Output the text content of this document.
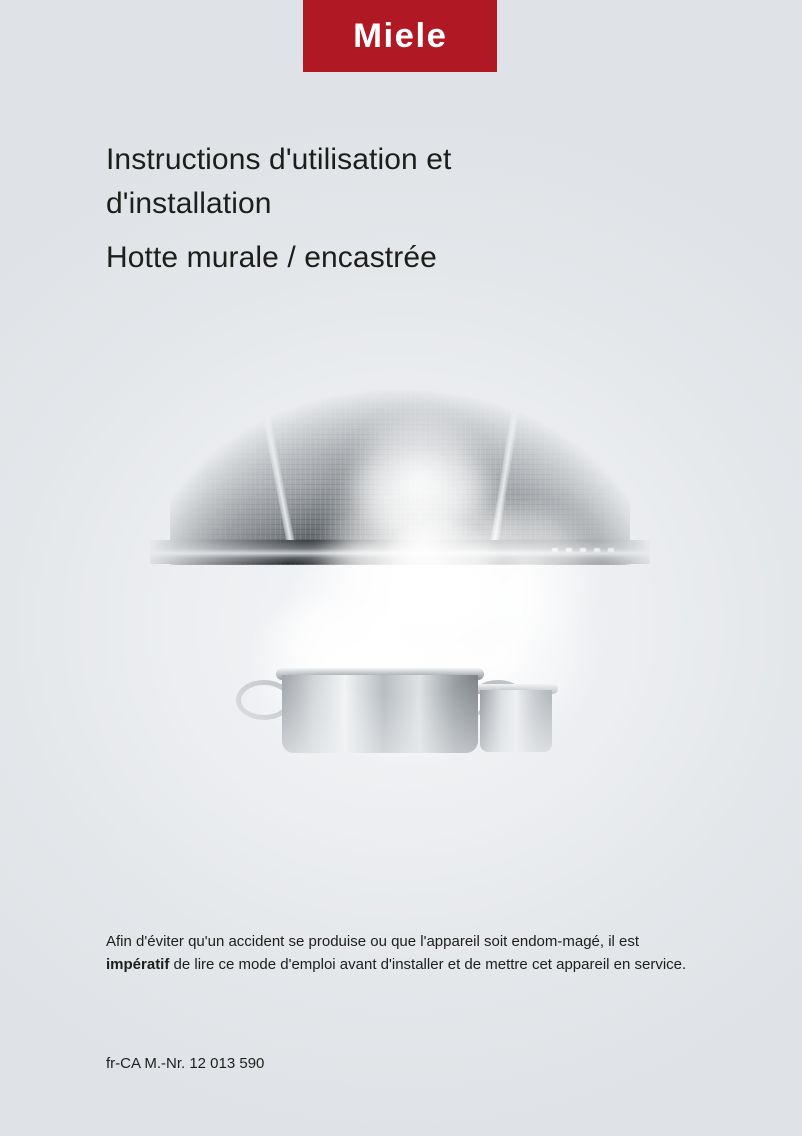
Miele
Instructions d'utilisation et
d'installation
Hotte murale / encastrée
Afin d'éviter qu'un accident se produise ou que l'appareil soit endom-magé, il est impératif de lire ce mode d'emploi avant d'installer et de mettre cet appareil en service.
fr-CA M.-Nr. 12 013 590
